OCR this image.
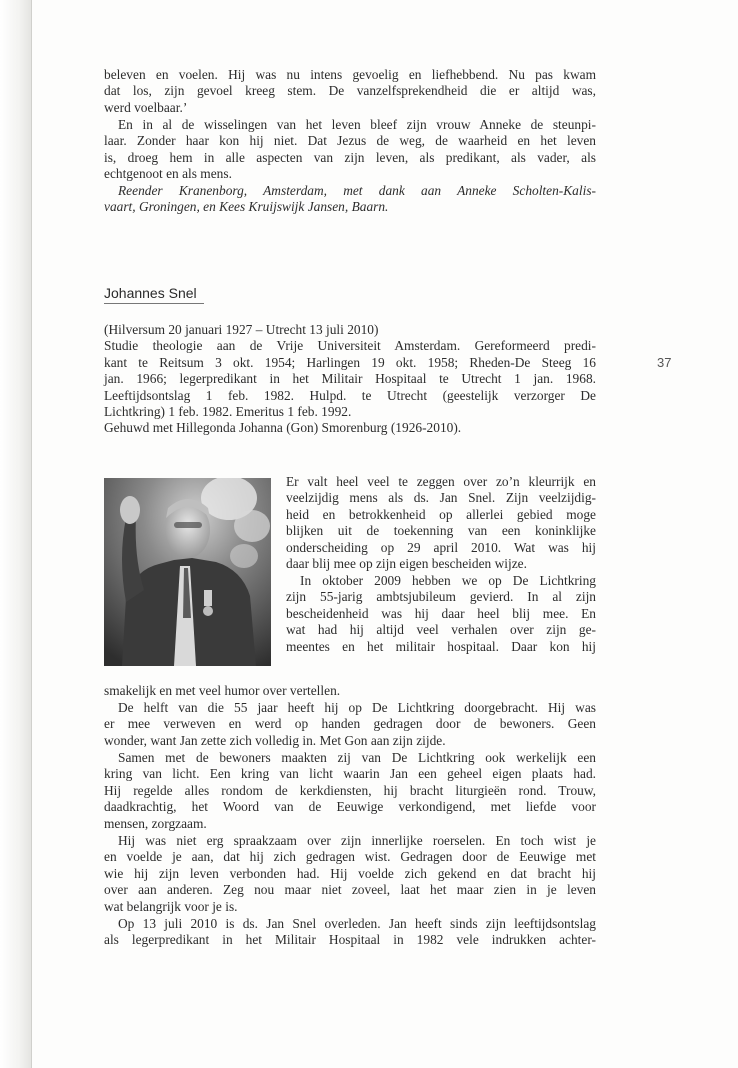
beleven en voelen. Hij was nu intens gevoelig en liefhebbend. Nu pas kwam
dat los, zijn gevoel kreeg stem. De vanzelfsprekendheid die er altijd was,
werd voelbaar.’

En in al de wisselingen van het leven bleef zijn vrouw Anneke de steunpi-
laar. Zonder haar kon hij niet. Dat Jezus de weg, de waarheid en het leven
is, droeg hem in alle aspecten van zijn leven, als predikant, als vader, als
echtgenoot en als mens.

Reender Kranenborg, Amsterdam, met dank aan Anneke Scholten-Kalis-
vaart, Groningen, en Kees Kruijswijk Jansen, Baarn.

Johannes Snel
37

(Hilversum 20 januari 1927 – Utrecht 13 juli 2010)
Studie theologie aan de Vrije Universiteit Amsterdam. Gereformeerd predi-
kant te Reitsum 3 okt. 1954; Harlingen 19 okt. 1958; Rheden-De Steeg 16
jan. 1966; legerpredikant in het Militair Hospitaal te Utrecht 1 jan. 1968.
Leeftijdsontslag 1 feb. 1982. Hulpd. te Utrecht (geestelijk verzorger De
Lichtkring) 1 feb. 1982. Emeritus 1 feb. 1992.
Gehuwd met Hillegonda Johanna (Gon) Smorenburg (1926-2010).

Er valt heel veel te zeggen over zo’n kleurrijk en
veelzijdig mens als ds. Jan Snel. Zijn veelzijdig-
heid en betrokkenheid op allerlei gebied moge
blijken uit de toekenning van een koninklijke
onderscheiding op 29 april 2010. Wat was hij
daar blij mee op zijn eigen bescheiden wijze.

In oktober 2009 hebben we op De Lichtkring
zijn 55-jarig ambtsjubileum gevierd. In al zijn
bescheidenheid was hij daar heel blij mee. En
wat had hij altijd veel verhalen over zijn ge-
meentes en het militair hospitaal. Daar kon hij

smakelijk en met veel humor over vertellen.

De helft van die 55 jaar heeft hij op De Lichtkring doorgebracht. Hij was
er mee verweven en werd op handen gedragen door de bewoners. Geen
wonder, want Jan zette zich volledig in. Met Gon aan zijn zijde.

Samen met de bewoners maakten zij van De Lichtkring ook werkelijk een
kring van licht. Een kring van licht waarin Jan een geheel eigen plaats had.
Hij regelde alles rondom de kerkdiensten, hij bracht liturgieën rond. Trouw,
daadkrachtig, het Woord van de Eeuwige verkondigend, met liefde voor
mensen, zorgzaam.

Hij was niet erg spraakzaam over zijn innerlijke roerselen. En toch wist je
en voelde je aan, dat hij zich gedragen wist. Gedragen door de Eeuwige met
wie hij zijn leven verbonden had. Hij voelde zich gekend en dat bracht hij
over aan anderen. Zeg nou maar niet zoveel, laat het maar zien in je leven
wat belangrijk voor je is.

Op 13 juli 2010 is ds. Jan Snel overleden. Jan heeft sinds zijn leeftijdsontslag
als legerpredikant in het Militair Hospitaal in 1982 vele indrukken achter-
